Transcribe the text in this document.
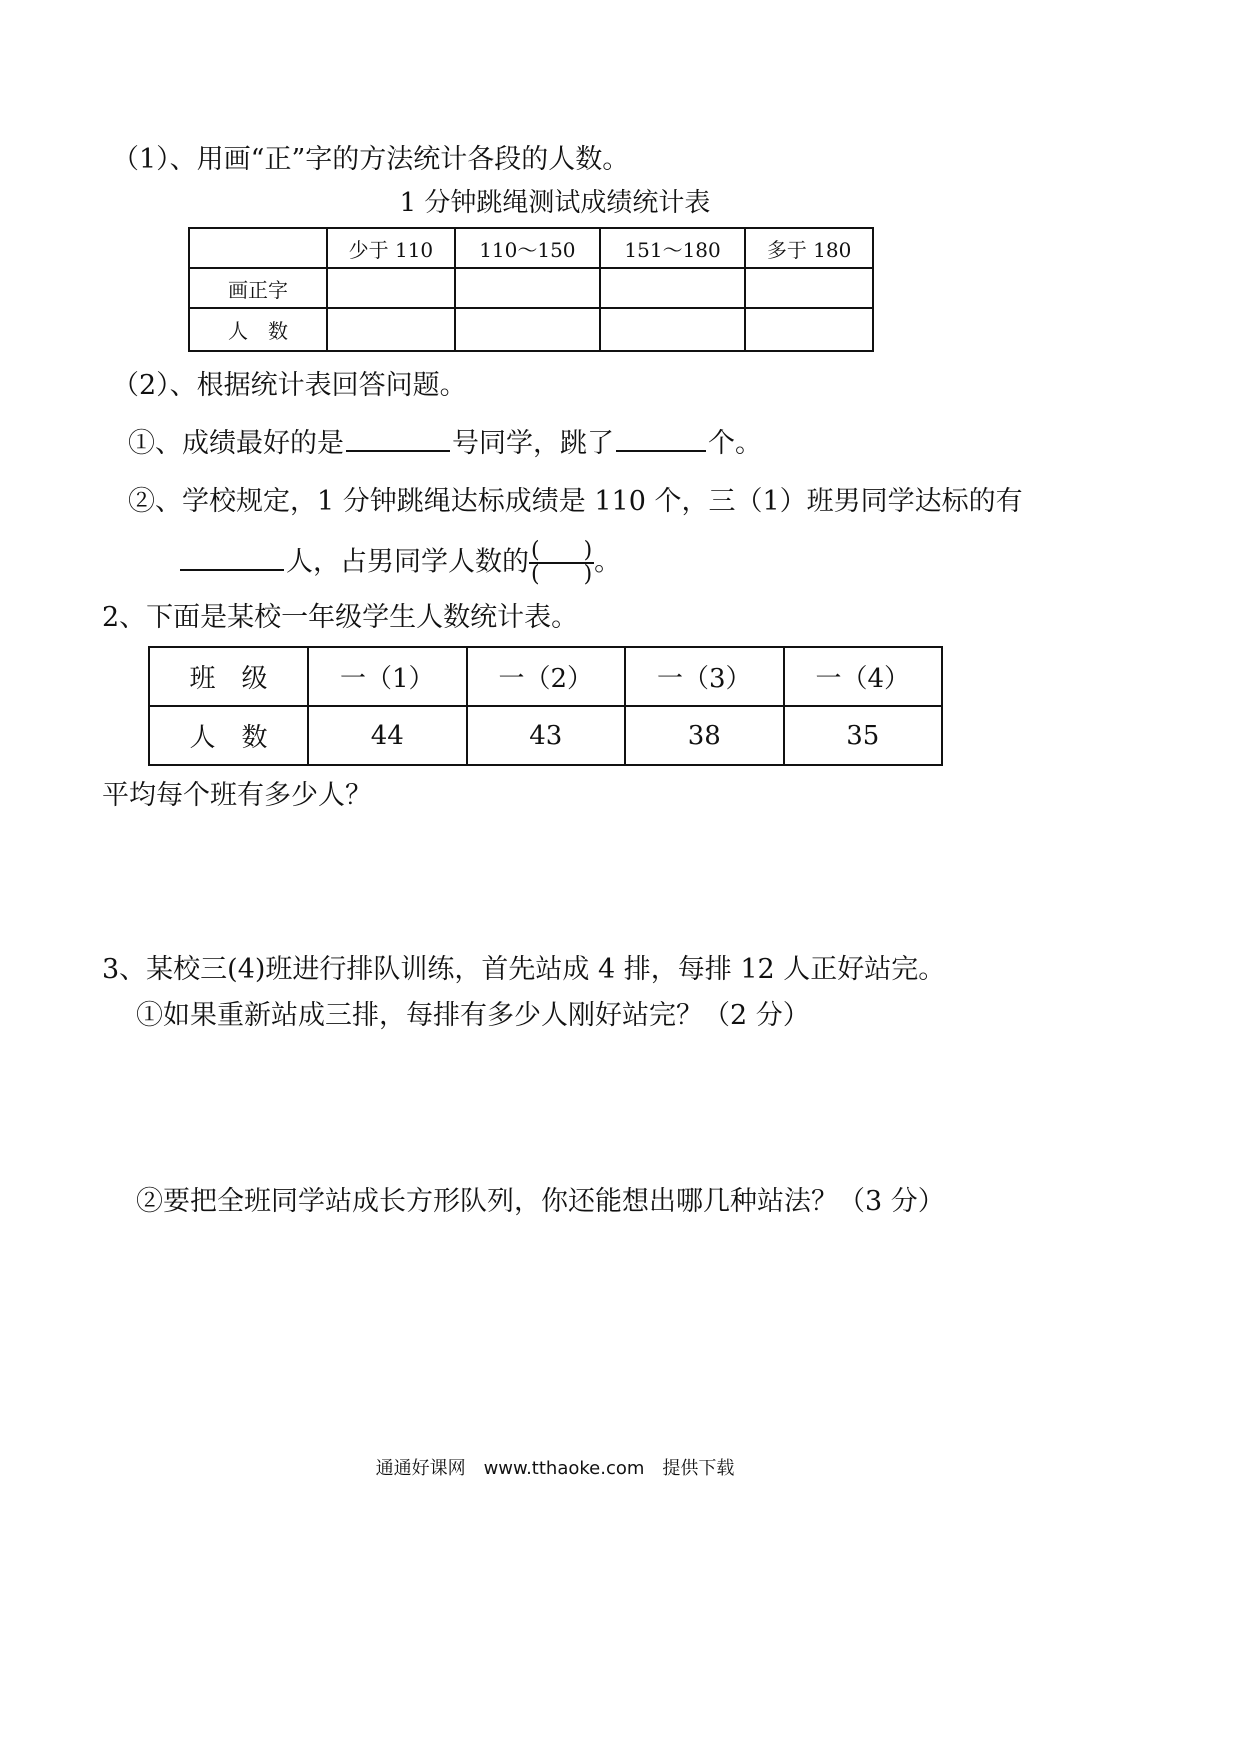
（1）、用画“正”字的方法统计各段的人数。
1 分钟跳绳测试成绩统计表
	少于 110	110～150	151～180	多于 180
画正字				
人　数				
（2）、根据统计表回答问题。
①、成绩最好的是	号同学，跳了	个。
②、学校规定，1 分钟跳绳达标成绩是 110 个，三（1）班男同学达标的有
人，占男同学人数的 $\frac{( )}{( )}$ 。
2、下面是某校一年级学生人数统计表。
班　级	一（1）	一（2）	一（3）	一（4）
人　数	44	43	38	35
平均每个班有多少人？
3、某校三(4)班进行排队训练，首先站成 4 排，每排 12 人正好站完。
①如果重新站成三排，每排有多少人刚好站完？（2 分）
②要把全班同学站成长方形队列，你还能想出哪几种站法？（3 分）
通通好课网　www.tthaoke.com　提供下载
